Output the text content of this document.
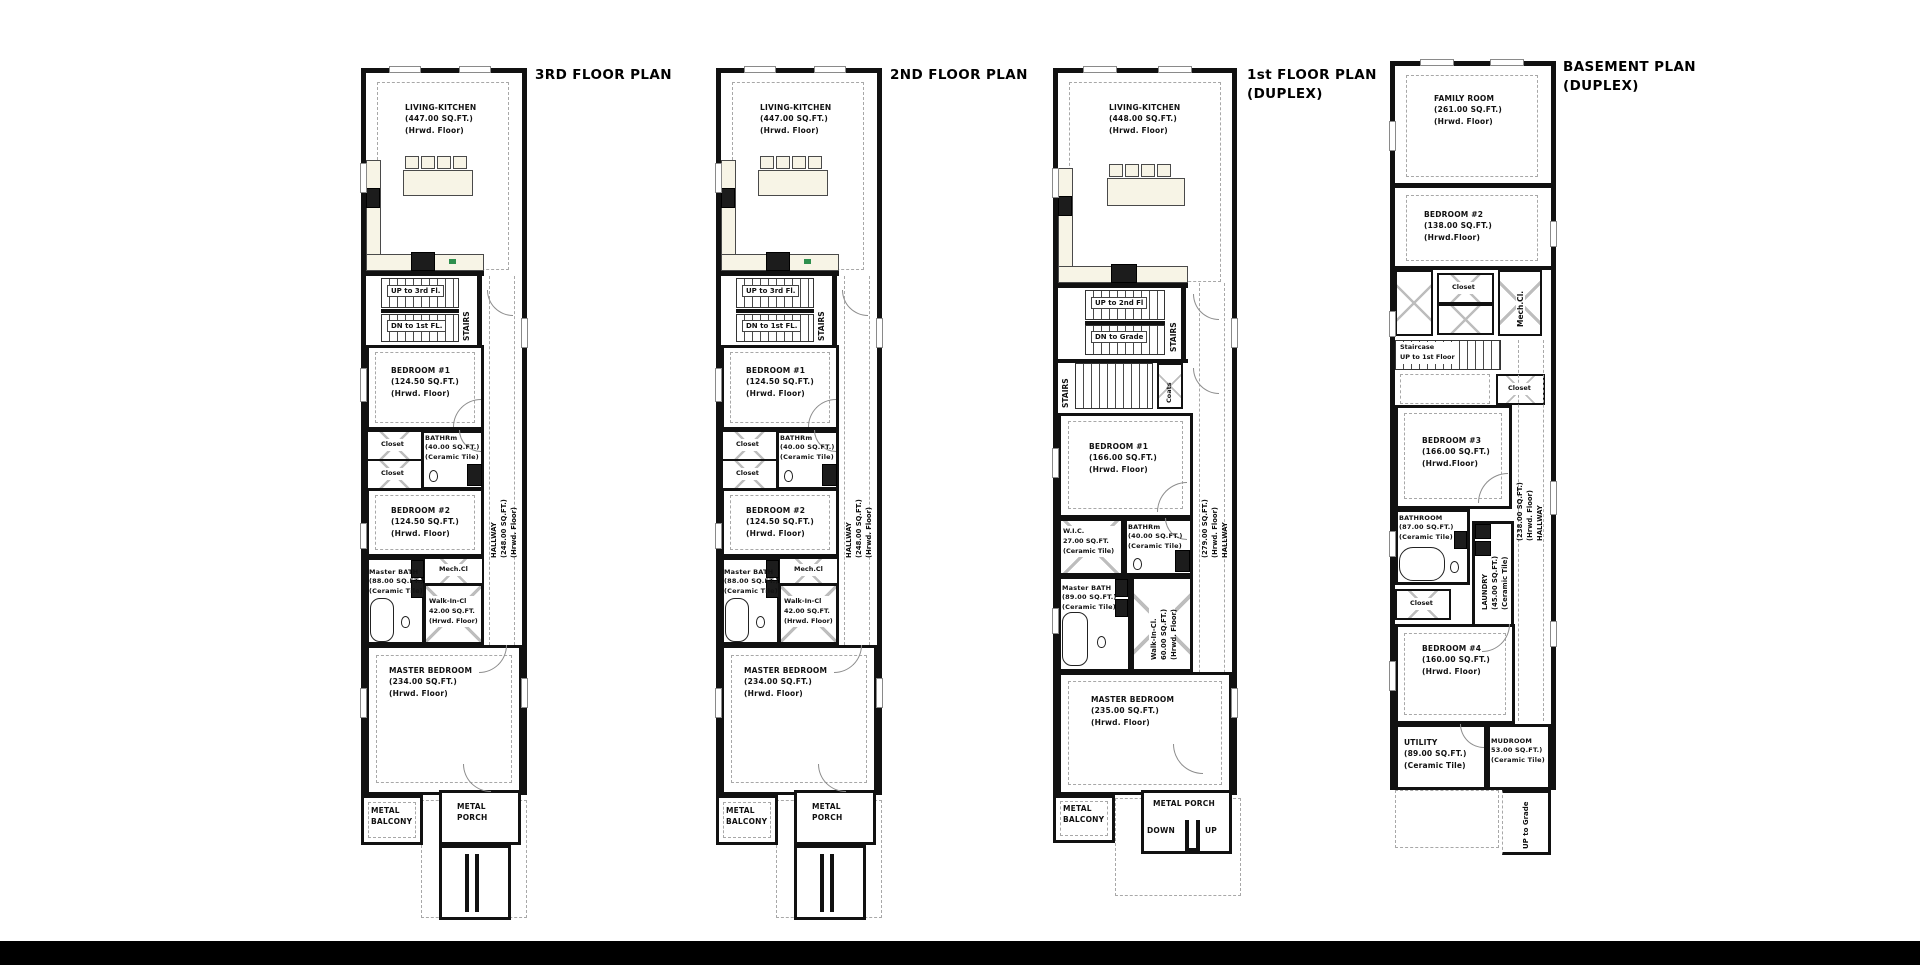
3RD FLOOR PLAN	2ND FLOOR PLAN	1st FLOOR PLAN
(DUPLEX)
BASEMENT PLAN
(DUPLEX)
LIVING-KITCHEN
(447.00 SQ.FT.)
(Hrwd. Floor)
UP to 3rd Fl.
DN to 1st FL.	STAIRS
BEDROOM #1
(124.50 SQ.FT.)
(Hrwd. Floor)
Closet
Closet
BATHRm
(40.00 SQ.FT.)
(Ceramic Tile)
BEDROOM #2
(124.50 SQ.FT.)
(Hrwd. Floor)	HALLWAY (248.00 SQ.FT.) (Hrwd. Floor)
Mech.Cl
Master BATH
(88.00 SQ.FT.)
(Ceramic Tile)
Walk-In-Cl
42.00 SQ.FT.
(Hrwd. Floor)
MASTER BEDROOM
(234.00 SQ.FT.)
(Hrwd. Floor)
METAL
BALCONY
METAL
PORCH
LIVING-KITCHEN
(447.00 SQ.FT.)
(Hrwd. Floor)
UP to 3rd Fl.
DN to 1st FL.	STAIRS
BEDROOM #1
(124.50 SQ.FT.)
(Hrwd. Floor)
Closet
Closet
BATHRm
(40.00 SQ.FT.)
(Ceramic Tile)
BEDROOM #2
(124.50 SQ.FT.)
(Hrwd. Floor)	HALLWAY (248.00 SQ.FT.) (Hrwd. Floor)
Mech.Cl
Master BATH
(88.00 SQ.FT.)
(Ceramic Tile)
Walk-In-Cl
42.00 SQ.FT.
(Hrwd. Floor)
MASTER BEDROOM
(234.00 SQ.FT.)
(Hrwd. Floor)
METAL
BALCONY
METAL
PORCH
LIVING-KITCHEN
(448.00 SQ.FT.)
(Hrwd. Floor)
UP to 2nd Fl
DN to Grade	STAIRS
STAIRS	Coats
BEDROOM #1
(166.00 SQ.FT.)
(Hrwd. Floor)
(279.00 SQ.FT.) (Hrwd. Floor) HALLWAY
W.I.C.
27.00 SQ.FT.
(Ceramic Tile)
BATHRm
(40.00 SQ.FT.)
(Ceramic Tile)
Master BATH
(89.00 SQ.FT.)
(Ceramic Tile)
Walk-In-Cl. 60.00 SQ.FT.) (Hrwd. Floor)
MASTER BEDROOM
(235.00 SQ.FT.)
(Hrwd. Floor)
METAL
BALCONY
METAL PORCH
DOWN	UP
FAMILY ROOM
(261.00 SQ.FT.)
(Hrwd. Floor)
BEDROOM #2
(138.00 SQ.FT.)
(Hrwd.Floor)
Closet
Mech.Cl.
Staircase
UP to 1st Floor
Closet
BEDROOM #3
(166.00 SQ.FT.)
(Hrwd.Floor)
(238.00 SQ.FT.) (Hrwd. Floor) HALLWAY
BATHROOM
(87.00 SQ.FT.)
(Ceramic Tile)
LAUNDRY (45.00 SQ.FT.) (Ceramic Tile)
Closet
BEDROOM #4
(160.00 SQ.FT.)
(Hrwd. Floor)
UTILITY
(89.00 SQ.FT.)
(Ceramic Tile)
MUDROOM
53.00 SQ.FT.)
(Ceramic Tile)
UP to Grade
